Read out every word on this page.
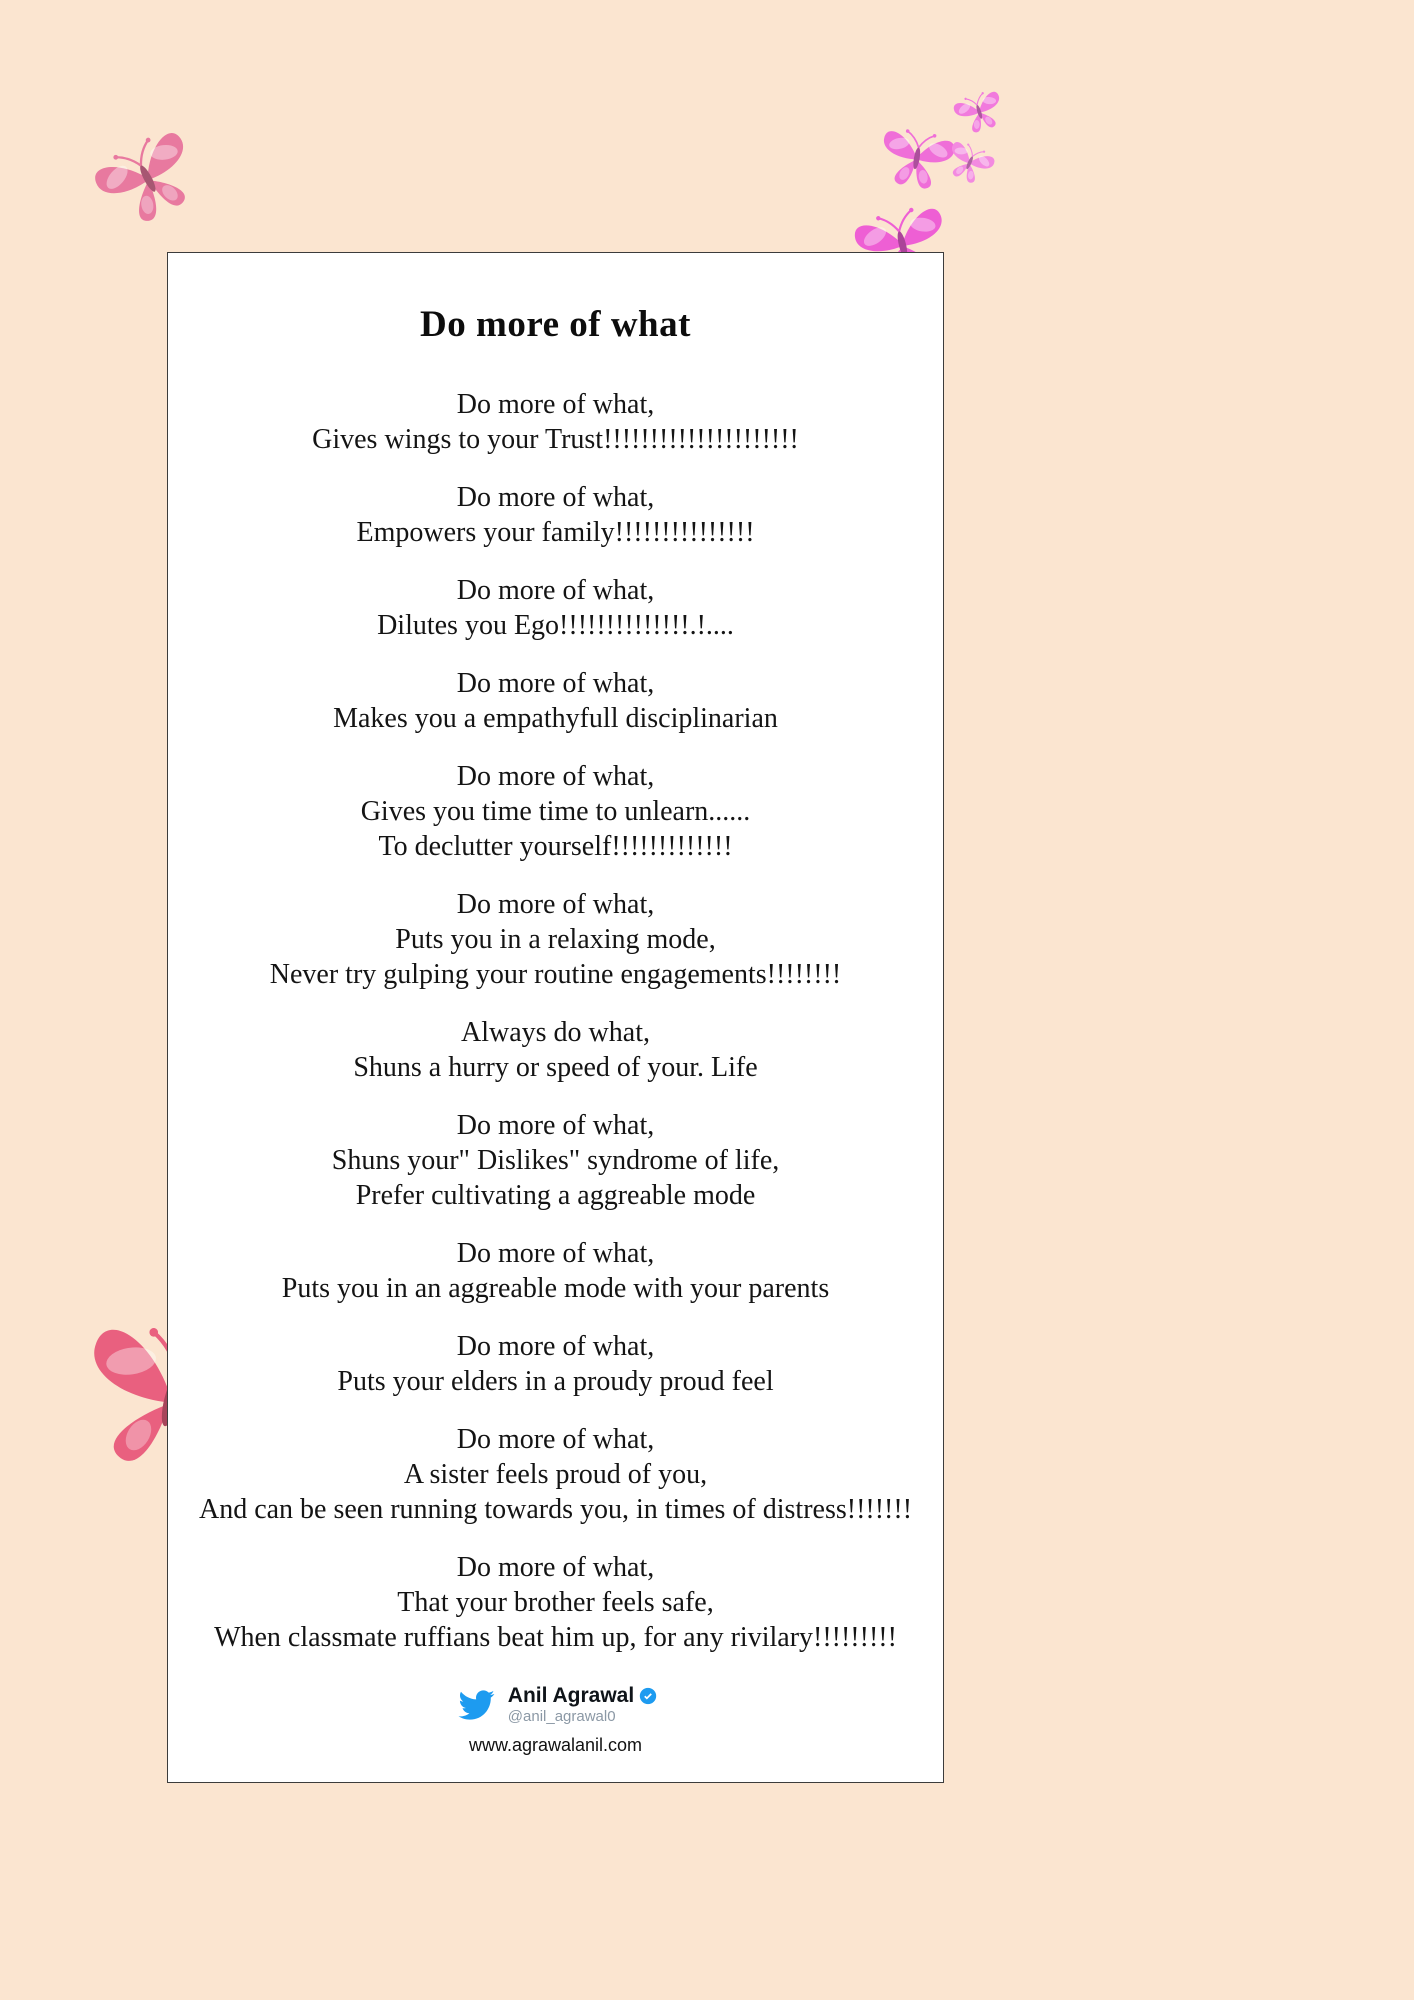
Do more of what
Do more of what,
Gives wings to your Trust!!!!!!!!!!!!!!!!!!!!!
Do more of what,
Empowers your family!!!!!!!!!!!!!!!
Do more of what,
Dilutes you Ego!!!!!!!!!!!!!!.!....
Do more of what,
Makes you a empathyfull disciplinarian
Do more of what,
Gives you time time to unlearn......
To declutter yourself!!!!!!!!!!!!!
Do more of what,
Puts you in a relaxing mode,
Never try gulping your routine engagements!!!!!!!!
Always do what,
Shuns a hurry or speed of your. Life
Do more of what,
Shuns your" Dislikes" syndrome of life,
Prefer cultivating a aggreable mode
Do more of what,
Puts you in an aggreable mode with your parents
Do more of what,
Puts your elders in a proudy proud feel
Do more of what,
A sister feels proud of you,
And can be seen running towards you, in times of distress!!!!!!!
Do more of what,
That your brother feels safe,
When classmate ruffians beat him up, for any rivilary!!!!!!!!!
Anil Agrawal
@anil_agrawal0
www.agrawalanil.com
